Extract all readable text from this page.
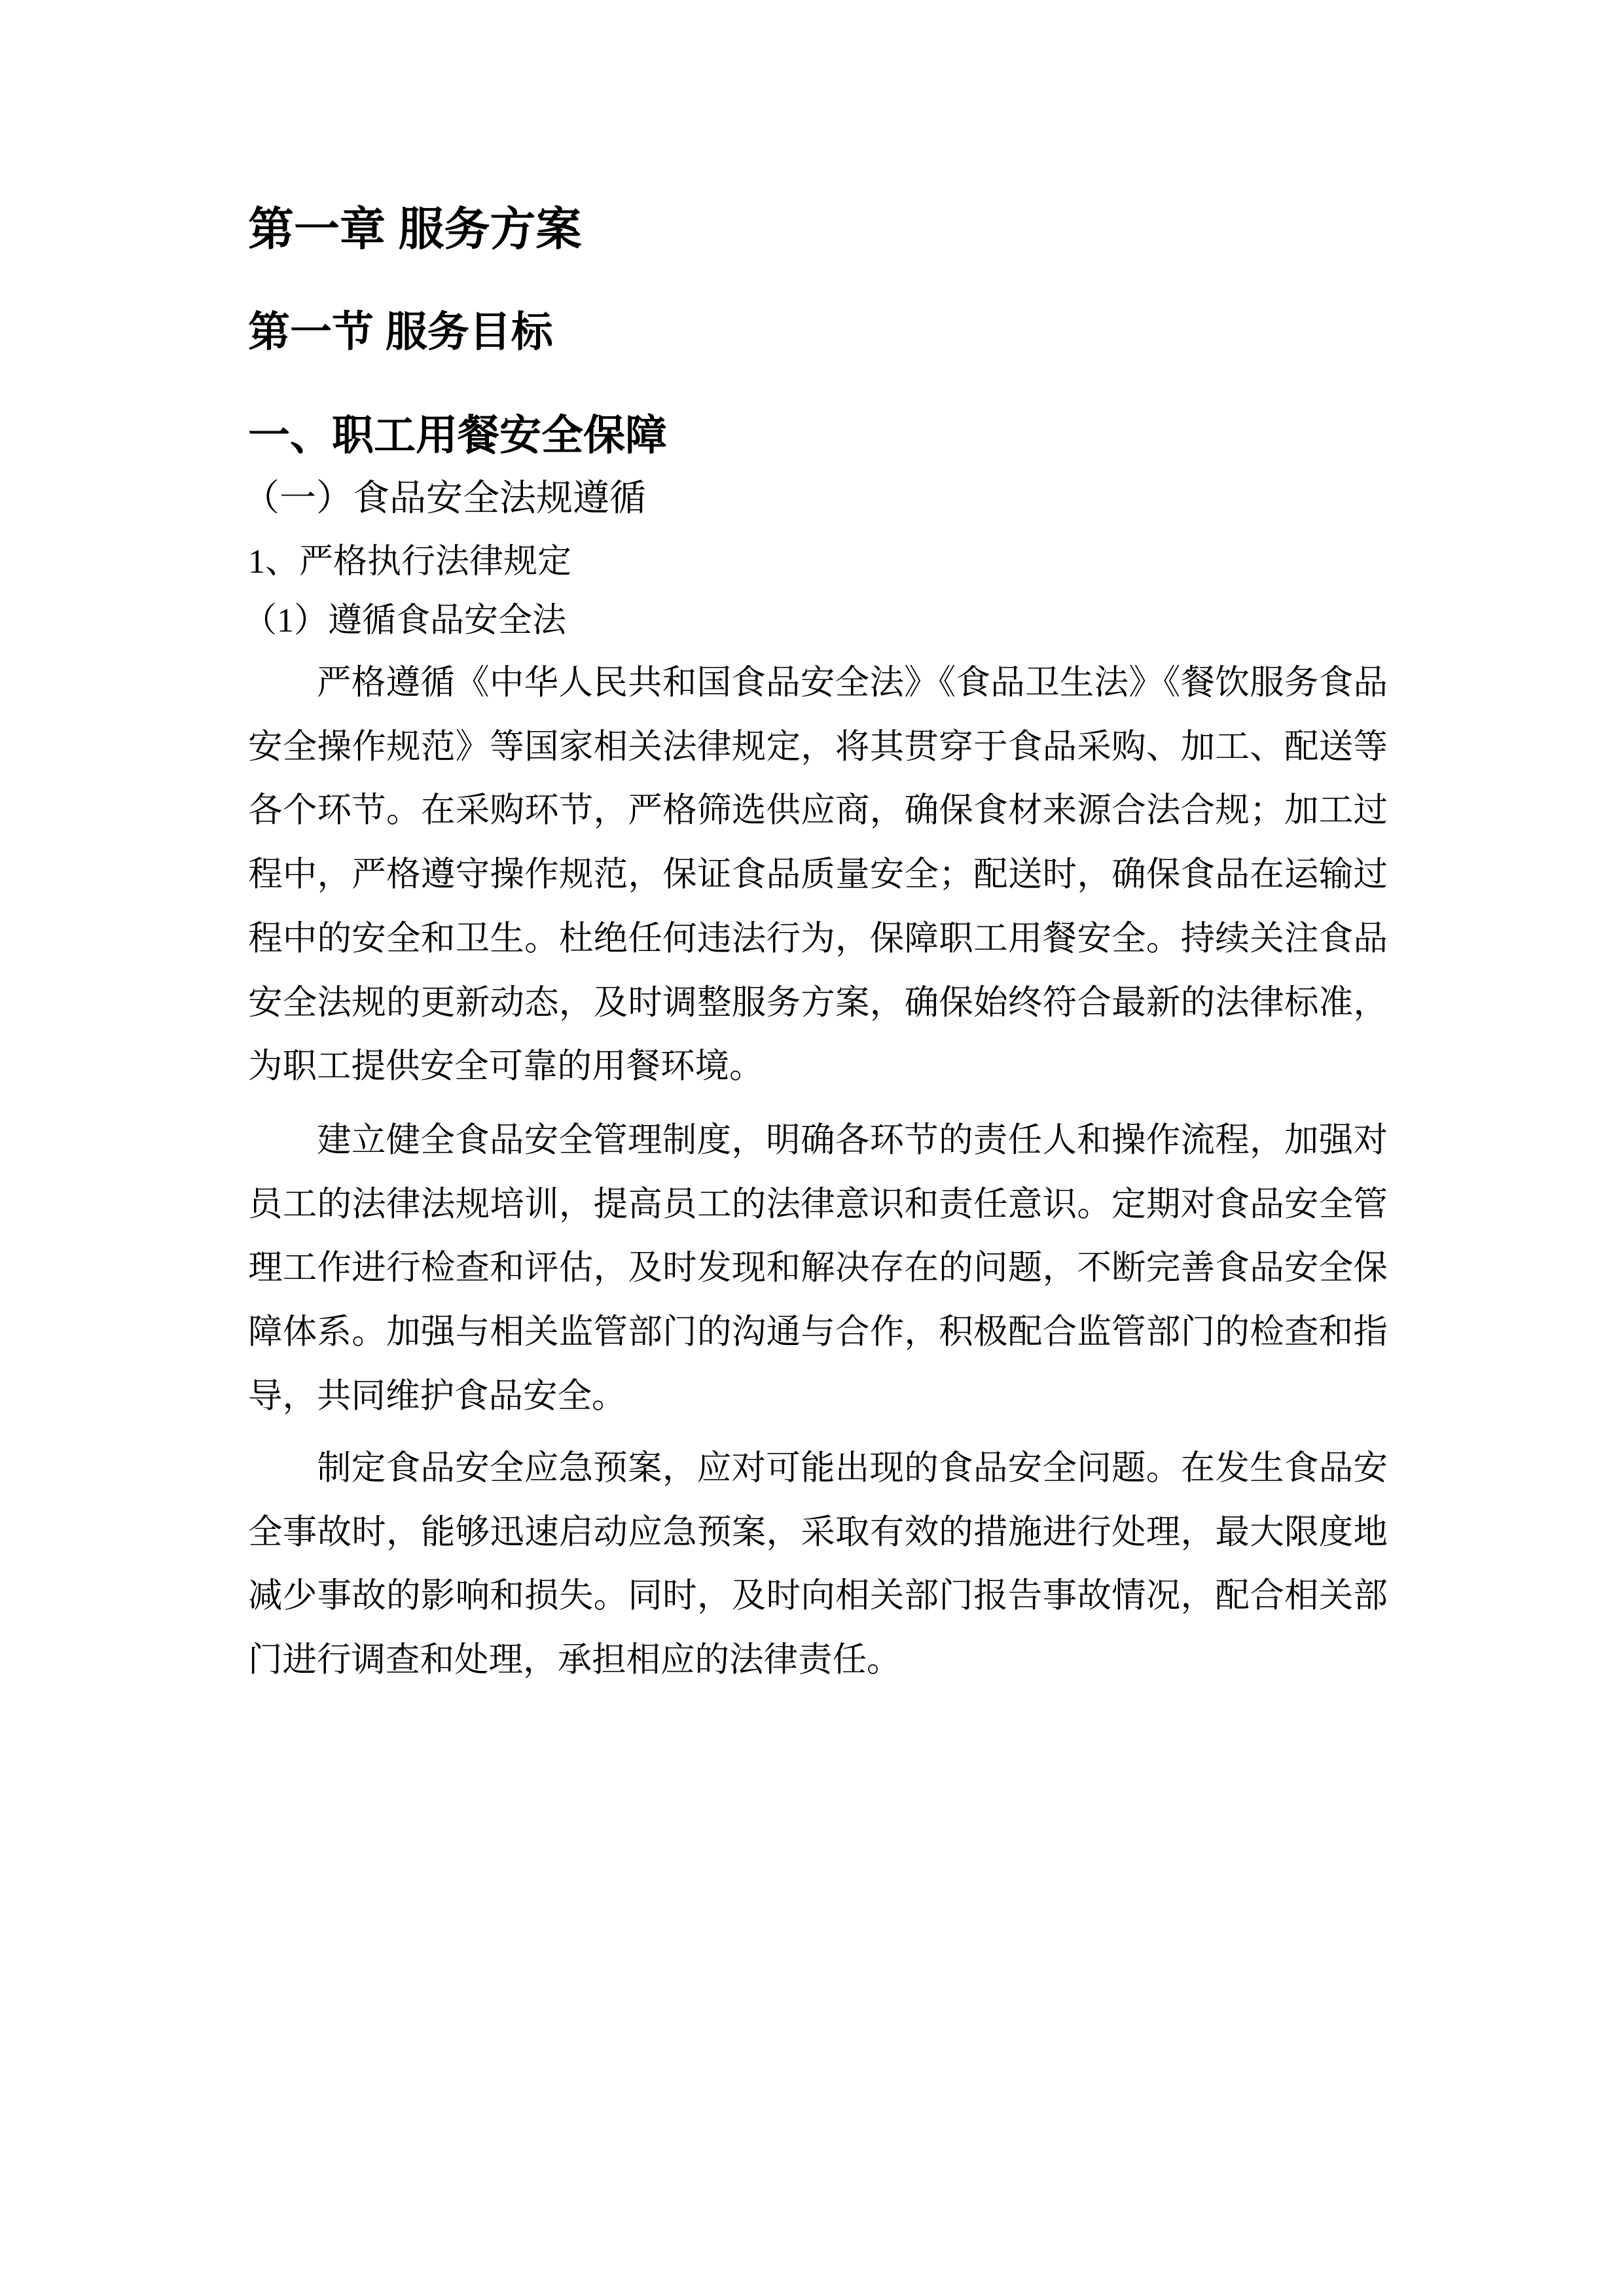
第一章 服务方案
第一节 服务目标
一、职工用餐安全保障
（一）食品安全法规遵循
1、严格执行法律规定
（1）遵循食品安全法

严格遵循《中华人民共和国食品安全法》《食品卫生法》《餐饮服务食品安全操作规范》等国家相关法律规定，将其贯穿于食品采购、加工、配送等各个环节。在采购环节，严格筛选供应商，确保食材来源合法合规；加工过程中，严格遵守操作规范，保证食品质量安全；配送时，确保食品在运输过程中的安全和卫生。杜绝任何违法行为，保障职工用餐安全。持续关注食品安全法规的更新动态，及时调整服务方案，确保始终符合最新的法律标准，为职工提供安全可靠的用餐环境。

建立健全食品安全管理制度，明确各环节的责任人和操作流程，加强对员工的法律法规培训，提高员工的法律意识和责任意识。定期对食品安全管理工作进行检查和评估，及时发现和解决存在的问题，不断完善食品安全保障体系。加强与相关监管部门的沟通与合作，积极配合监管部门的检查和指导，共同维护食品安全。

制定食品安全应急预案，应对可能出现的食品安全问题。在发生食品安全事故时，能够迅速启动应急预案，采取有效的措施进行处理，最大限度地减少事故的影响和损失。同时，及时向相关部门报告事故情况，配合相关部门进行调查和处理，承担相应的法律责任。
